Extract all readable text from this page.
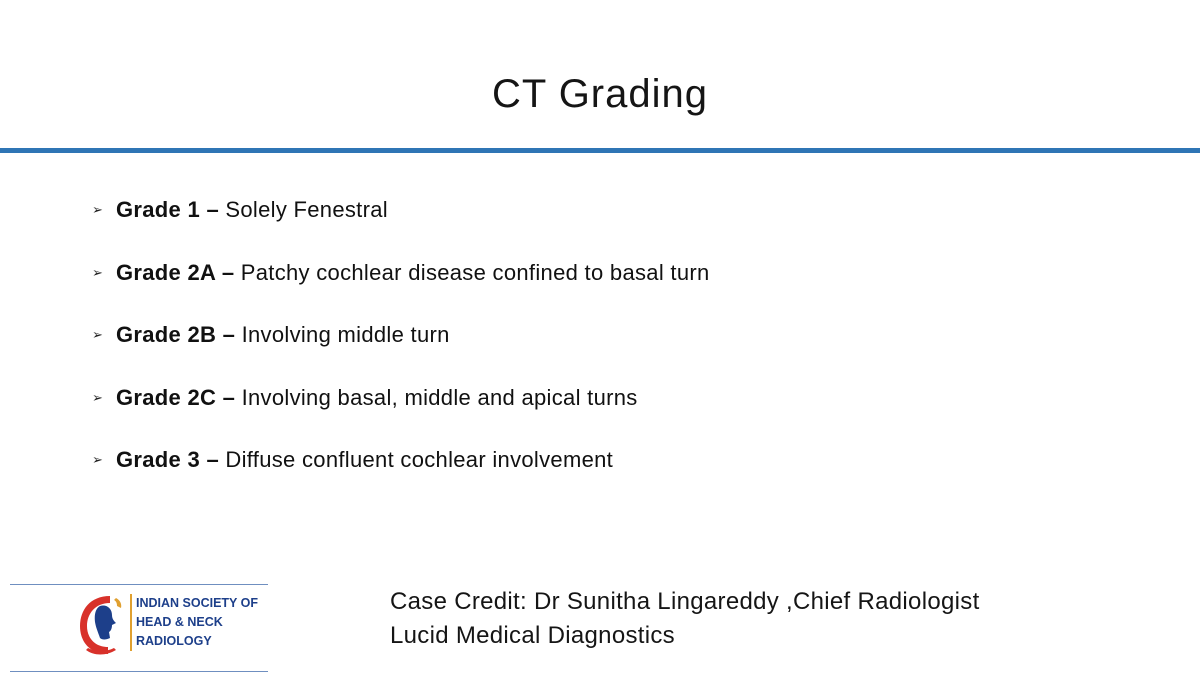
CT Grading
➢ Grade 1 – Solely Fenestral
➢ Grade 2A – Patchy cochlear disease confined to basal turn
➢ Grade 2B – Involving middle turn
➢ Grade 2C – Involving basal, middle and apical turns
➢ Grade 3 – Diffuse confluent cochlear involvement
INDIAN SOCIETY OF
HEAD & NECK
RADIOLOGY
Case Credit: Dr Sunitha Lingareddy ,Chief Radiologist
Lucid Medical Diagnostics
